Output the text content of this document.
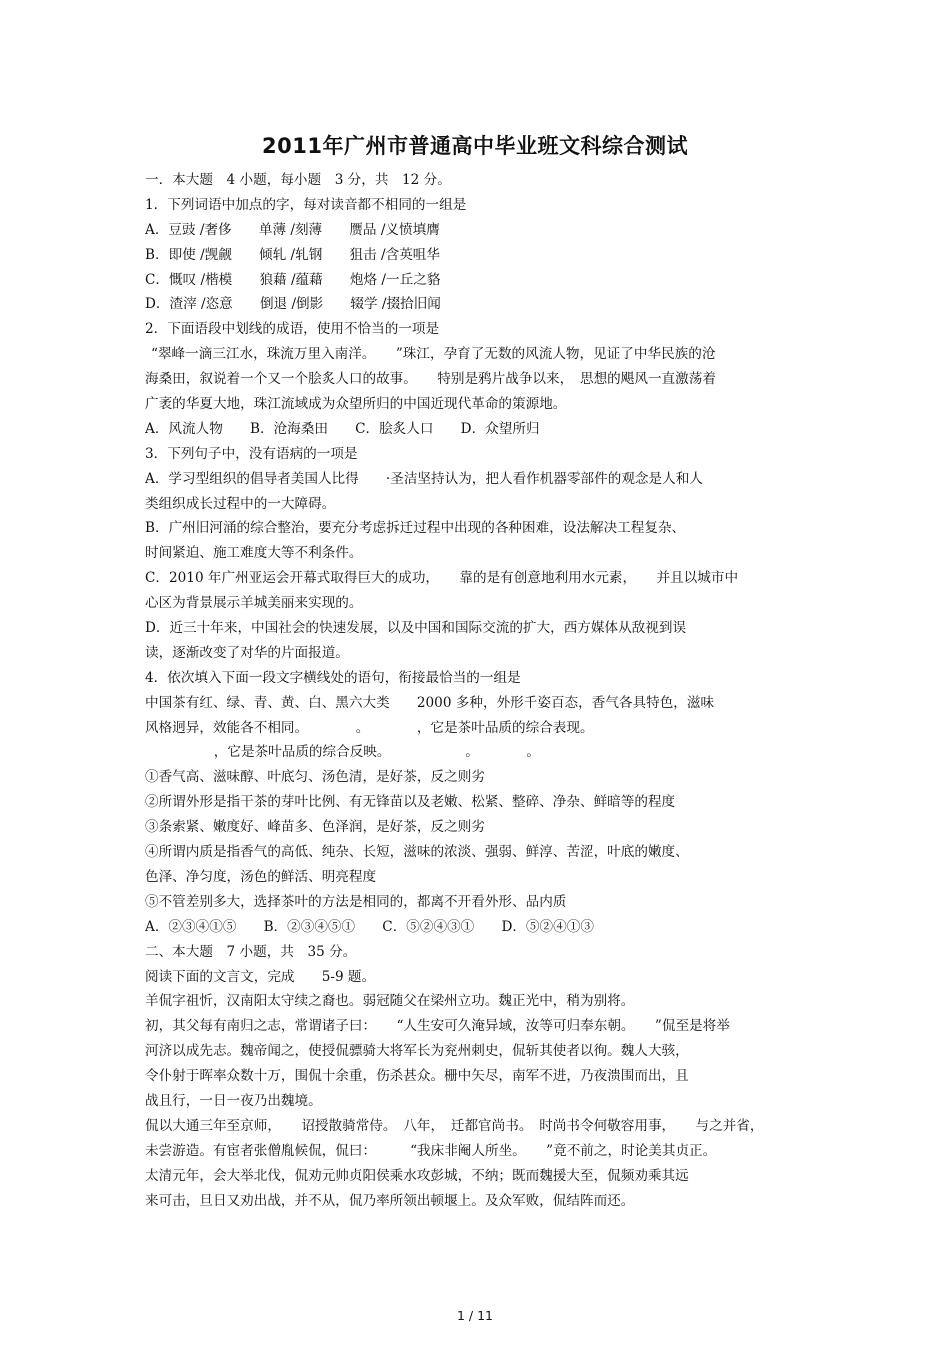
2011年广州市普通高中毕业班文科综合测试
一．本大题　4 小题，每小题　3 分，共　12 分。
1．下列词语中加点的字，每对读音都不相同的一组是
A．豆豉 /奢侈　　单薄 /刻薄　　赝品 /义愤填膺
B．即使 /觊觎　　倾轧 /轧钢　　狙击 /含英咀华
C．慨叹 /楷模　　狼藉 /蕴藉　　炮烙 /一丘之貉
D．渣滓 /恣意　　倒退 /倒影　　辍学 /掇拾旧闻
2．下面语段中划线的成语，使用不恰当的一项是
“翠峰一滴三江水，珠流万里入南洋。　　”珠江，孕育了无数的风流人物，见证了中华民族的沧
海桑田，叙说着一个又一个脍炙人口的故事。　　特别是鸦片战争以来，　思想的飓风一直激荡着
广袤的华夏大地，珠江流域成为众望所归的中国近现代革命的策源地。
A．风流人物　　B．沧海桑田　　C．脍炙人口　　D．众望所归
3．下列句子中，没有语病的一项是
A．学习型组织的倡导者美国人比得　　·圣洁坚持认为，把人看作机器零部件的观念是人和人
类组织成长过程中的一大障碍。
B．广州旧河涌的综合整治，要充分考虑拆迁过程中出现的各种困难，设法解决工程复杂、
时间紧迫、施工难度大等不利条件。
C．2010 年广州亚运会开幕式取得巨大的成功，　　靠的是有创意地利用水元素，　　并且以城市中
心区为背景展示羊城美丽来实现的。
D．近三十年来，中国社会的快速发展，以及中国和国际交流的扩大，西方媒体从敌视到误
读，逐渐改变了对华的片面报道。
4．依次填入下面一段文字横线处的语句，衔接最恰当的一组是
中国茶有红、绿、青、黄、白、黑六大类　　2000 多种，外形千姿百态，香气各具特色，滋味
风格迥异，效能各不相同。　　　　。　　　　，它是茶叶品质的综合表现。
　　　，它是茶叶品质的综合反映。　　　　　　。　　　　。
①香气高、滋味醇、叶底匀、汤色清，是好茶，反之则劣
②所谓外形是指干茶的芽叶比例、有无锋苗以及老嫩、松紧、整碎、净杂、鲜暗等的程度
③条索紧、嫩度好、峰苗多、色泽润，是好茶，反之则劣
④所谓内质是指香气的高低、纯杂、长短，滋味的浓淡、强弱、鲜淳、苦涩，叶底的嫩度、
色泽、净匀度，汤色的鲜活、明亮程度
⑤不管差别多大，选择茶叶的方法是相同的，都离不开看外形、品内质
A．②③④①⑤　　B．②③④⑤①　　C．⑤②④③①　　D．⑤②④①③
二、本大题　7 小题，共　35 分。
阅读下面的文言文，完成　　5-9 题。
羊侃字祖忻，汉南阳太守续之裔也。弱冠随父在梁州立功。魏正光中，稍为别将。
初，其父每有南归之志，常谓诸子曰：　　“人生安可久淹异域，汝等可归奉东朝。　　”侃至是将举
河济以成先志。魏帝闻之，使授侃骠骑大将军长为兖州刺史，侃斩其使者以徇。魏人大骇，
令仆射于晖率众数十万，围侃十余重，伤杀甚众。栅中矢尽，南军不进，乃夜溃围而出，且
战且行，一日一夜乃出魏境。
侃以大通三年至京师，　　诏授散骑常侍。　八年，　迁都官尚书。　时尚书令何敬容用事，　　与之并省，
未尝游造。有宦者张僧胤候侃，侃曰：　　　“我床非阉人所坐。　　”竟不前之，时论美其贞正。
太清元年，会大举北伐，侃劝元帅贞阳侯乘水攻彭城，不纳；既而魏援大至，侃频劝乘其远
来可击，旦日又劝出战，并不从，侃乃率所领出顿堰上。及众军败，侃结阵而还。
1 / 11
